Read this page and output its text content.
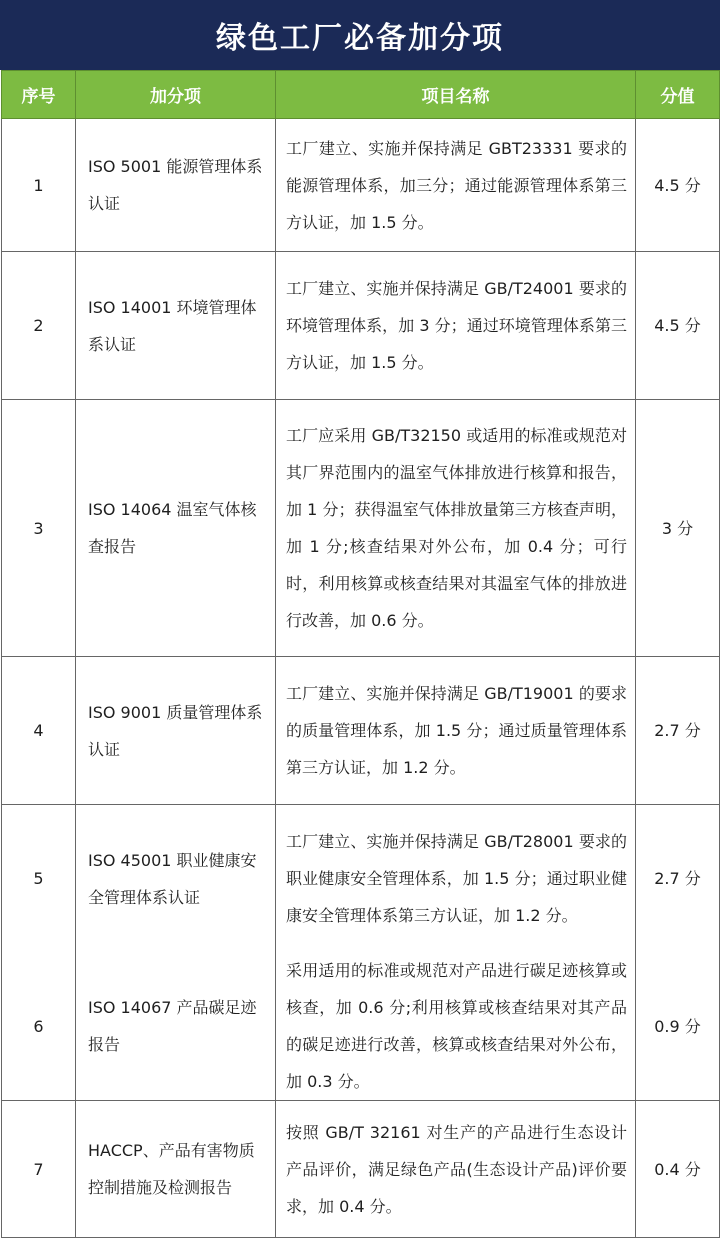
绿色工厂必备加分项
序号	加分项	项目名称	分值
1	ISO 5001 能源管理体系认证	工厂建立、实施并保持满足 GBT23331 要求的能源管理体系，加三分；通过能源管理体系第三方认证，加 1.5 分。	4.5 分
2	ISO 14001 环境管理体系认证	工厂建立、实施并保持满足 GB/T24001 要求的环境管理体系，加 3 分；通过环境管理体系第三方认证，加 1.5 分。	4.5 分
3	ISO 14064 温室气体核查报告	工厂应采用 GB/T32150 或适用的标准或规范对其厂界范围内的温室气体排放进行核算和报告，加 1 分；获得温室气体排放量第三方核查声明，加 1 分;核查结果对外公布，加 0.4 分；可行时，利用核算或核查结果对其温室气体的排放进行改善，加 0.6 分。	3 分
4	ISO 9001 质量管理体系认证	工厂建立、实施并保持满足 GB/T19001 的要求的质量管理体系，加 1.5 分；通过质量管理体系第三方认证，加 1.2 分。	2.7 分
5	ISO 45001 职业健康安全管理体系认证	工厂建立、实施并保持满足 GB/T28001 要求的职业健康安全管理体系，加 1.5 分；通过职业健康安全管理体系第三方认证，加 1.2 分。	2.7 分
6	ISO 14067 产品碳足迹报告	采用适用的标准或规范对产品进行碳足迹核算或核查，加 0.6 分;利用核算或核查结果对其产品的碳足迹进行改善，核算或核查结果对外公布，加 0.3 分。	0.9 分
7	HACCP、产品有害物质控制措施及检测报告	按照 GB/T 32161 对生产的产品进行生态设计产品评价，满足绿色产品(生态设计产品)评价要求，加 0.4 分。	0.4 分
